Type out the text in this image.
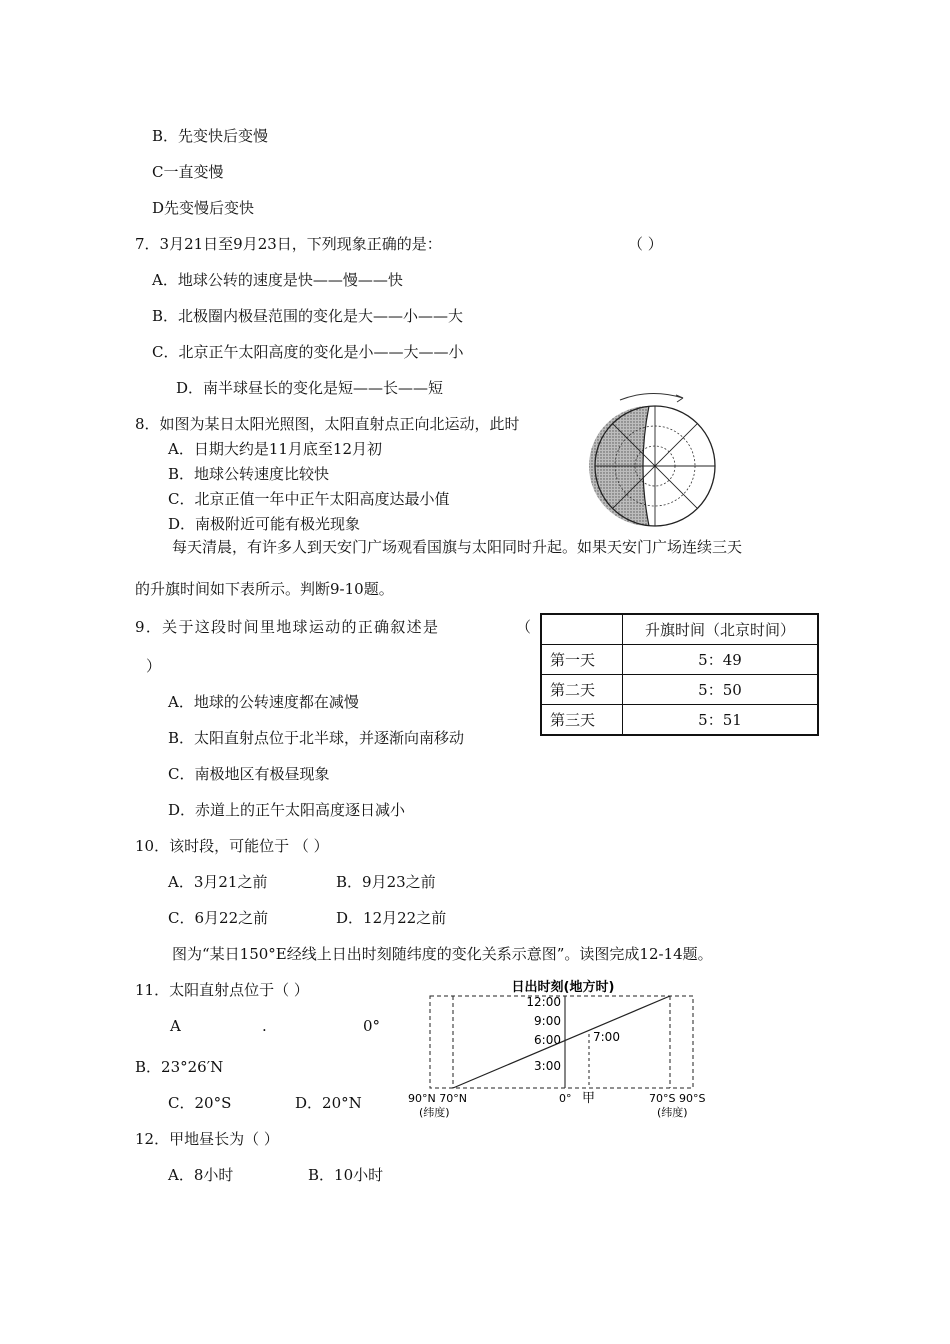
B．先变快后变慢
C一直变慢
D先变慢后变快
7．3月21日至9月23日，下列现象正确的是：	（ ）
A．地球公转的速度是快——慢——快
B．北极圈内极昼范围的变化是大——小——大
C．北京正午太阳高度的变化是小——大——小
D．南半球昼长的变化是短——长——短
8．如图为某日太阳光照图，太阳直射点正向北运动，此时
A．日期大约是11月底至12月初
B．地球公转速度比较快
C．北京正值一年中正午太阳高度达最小值
D．南极附近可能有极光现象
每天清晨，有许多人到天安门广场观看国旗与太阳同时升起。如果天安门广场连续三天
的升旗时间如下表所示。判断9-10题。
9．关于这段时间里地球运动的正确叙述是	（
）
A．地球的公转速度都在减慢
B．太阳直射点位于北半球，并逐渐向南移动
C．南极地区有极昼现象
D．赤道上的正午太阳高度逐日减小
	升旗时间（北京时间）
第一天	5：49
第二天	5：50
第三天	5：51
10．该时段，可能位于 （ ）
A．3月21之前	B．9月23之前
C．6月22之前	D．12月22之前
图为“某日150°E经线上日出时刻随纬度的变化关系示意图”。读图完成12-14题。
11．太阳直射点位于（ ）
A	.	0°
B．23°26′N
C．20°S	D．20°N
日出时刻(地方时)
12:00
9:00
6:00
3:00
7:00
90°N 70°N
(纬度)
0° 甲	70°S 90°S
(纬度)
12．甲地昼长为（ ）
A．8小时	B．10小时
